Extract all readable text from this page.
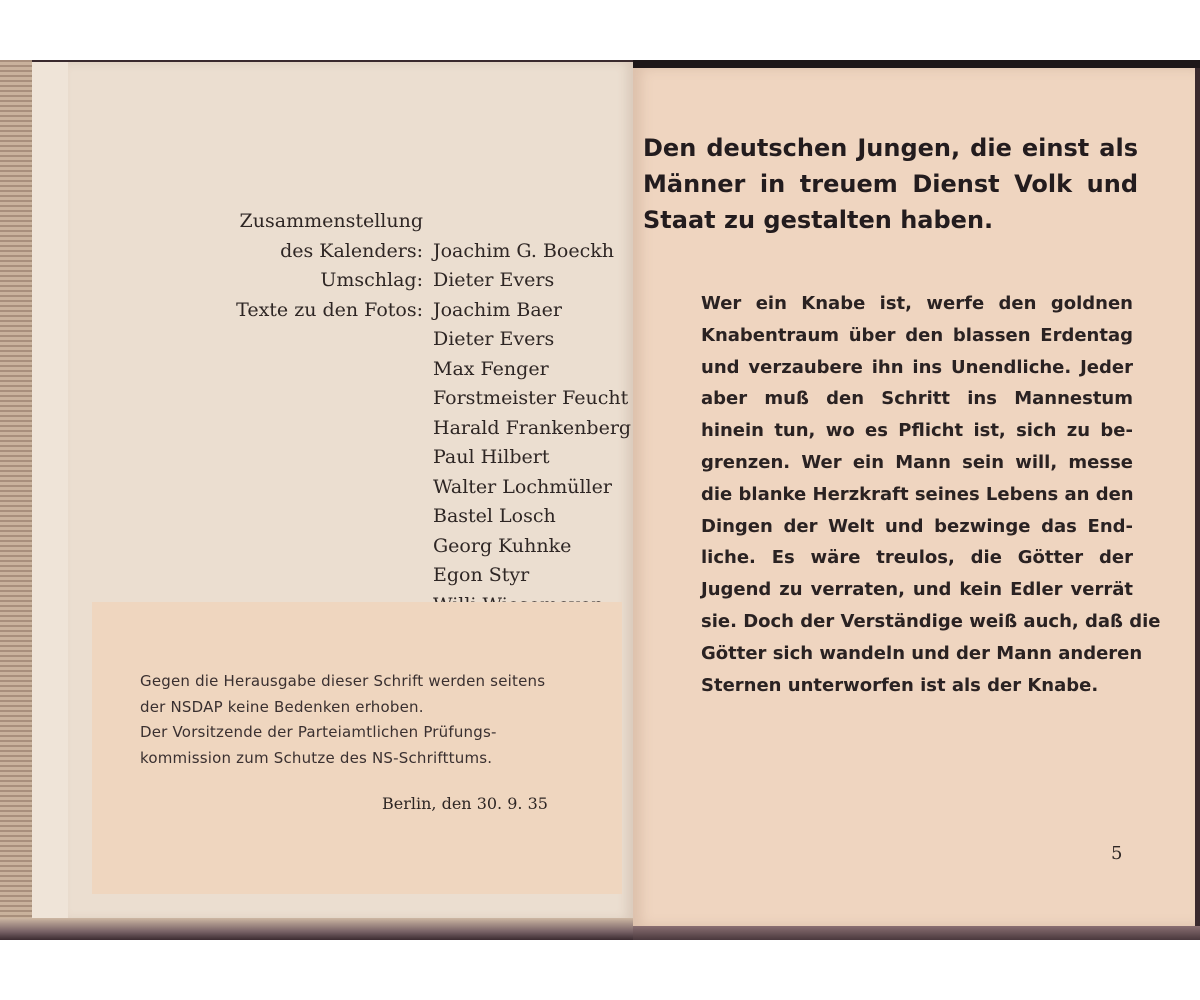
Zusammenstellung
des Kalenders: Joachim G. Boeckh
Umschlag: Dieter Evers
Texte zu den Fotos: Joachim Baer
Dieter Evers
Max Fenger
Forstmeister Feucht
Harald Frankenberg
Paul Hilbert
Walter Lochmüller
Bastel Losch
Georg Kuhnke
Egon Styr
Gegen die Herausgabe dieser Schrift werden seitens
der NSDAP keine Bedenken erhoben.
Der Vorsitzende der Parteiamtlichen Prüfungs-
kommission zum Schutze des NS-Schrifttums.
Berlin, den 30. 9. 35
Den deutschen Jungen, die einst als Männer in treuem Dienst Volk und Staat zu gestalten haben.
Wer ein Knabe ist, werfe den goldnen
Knabentraum über den blassen Erdentag
und verzaubere ihn ins Unendliche. Jeder
aber muß den Schritt ins Mannestum
hinein tun, wo es Pflicht ist, sich zu be-
grenzen. Wer ein Mann sein will, messe
die blanke Herzkraft seines Lebens an den
Dingen der Welt und bezwinge das End-
liche. Es wäre treulos, die Götter der
Jugend zu verraten, und kein Edler verrät
sie. Doch der Verständige weiß auch, daß die
Götter sich wandeln und der Mann anderen
Sternen unterworfen ist als der Knabe.
5
